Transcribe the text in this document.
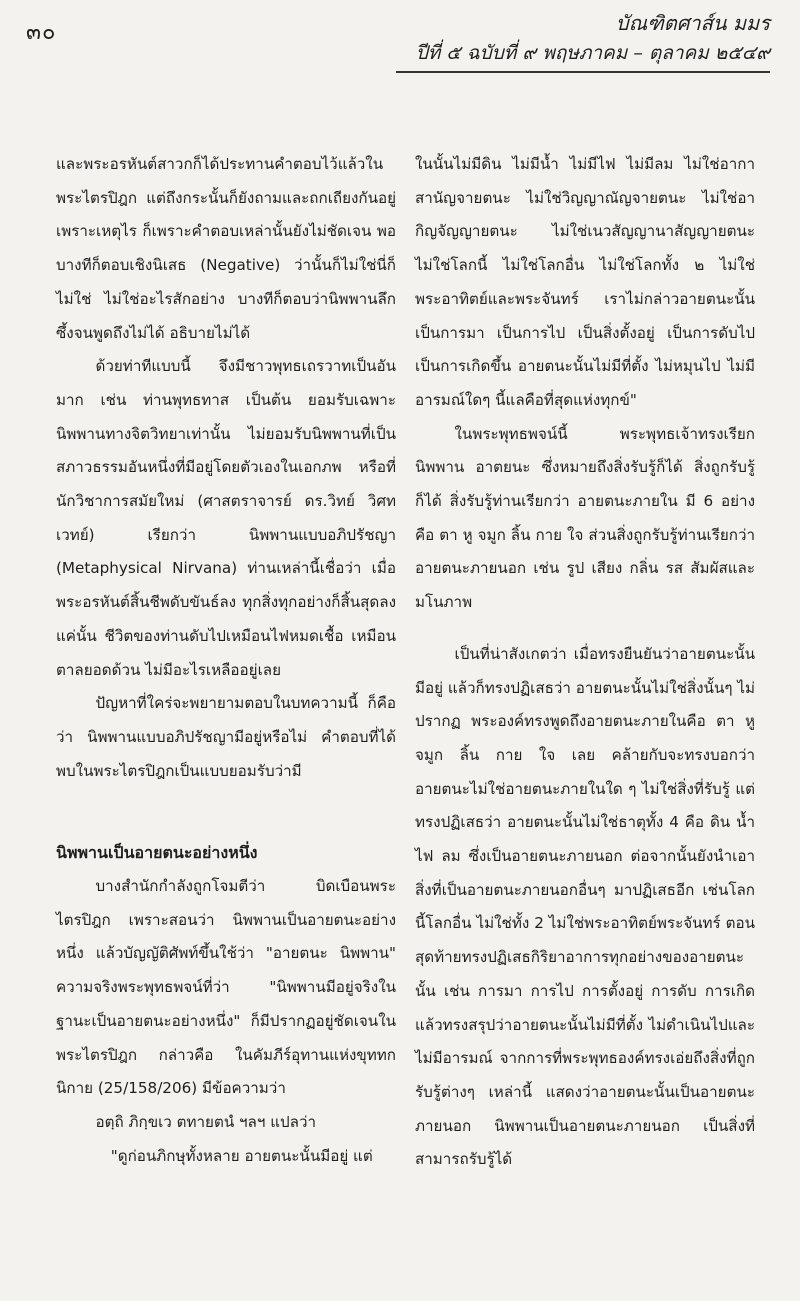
๓๐	บัณฑิตศาส์น มมร
ปีที่ ๕ ฉบับที่ ๙ พฤษภาคม – ตุลาคม ๒๕๔๙

และพระอรหันต์สาวกก็ได้ประทานคำตอบไว้แล้วในพระไตรปิฎก แต่ถึงกระนั้นก็ยังถามและถกเถียงกันอยู่ เพราะเหตุไร ก็เพราะคำตอบเหล่านั้นยังไม่ชัดเจน พอ บางทีก็ตอบเชิงนิเสธ (Negative) ว่านั้นก็ไม่ใช่นี่ก็ไม่ใช่ ไม่ใช่อะไรสักอย่าง บางทีก็ตอบว่านิพพานลึกซึ้งจนพูดถึงไม่ได้ อธิบายไม่ได้

ด้วยท่าทีแบบนี้ จึงมีชาวพุทธเถรวาทเป็นอันมาก เช่น ท่านพุทธทาส เป็นต้น ยอมรับเฉพาะนิพพานทางจิตวิทยาเท่านั้น ไม่ยอมรับนิพพานที่เป็นสภาวธรรมอันหนึ่งที่มีอยู่โดยตัวเองในเอกภพ หรือที่นักวิชาการสมัยใหม่ (ศาสตราจารย์ ดร.วิทย์ วิศทเวทย์) เรียกว่า นิพพานแบบอภิปรัชญา (Metaphysical Nirvana) ท่านเหล่านี้เชื่อว่า เมื่อพระอรหันต์สิ้นชีพดับขันธ์ลง ทุกสิ่งทุกอย่างก็สิ้นสุดลงแค่นั้น ชีวิตของท่านดับไปเหมือนไฟหมดเชื้อ เหมือนตาลยอดด้วน ไม่มีอะไรเหลืออยู่เลย

ปัญหาที่ใคร่จะพยายามตอบในบทความนี้ ก็คือว่า นิพพานแบบอภิปรัชญามีอยู่หรือไม่ คำตอบที่ได้พบในพระไตรปิฎกเป็นแบบยอมรับว่ามี

นิพพานเป็นอายตนะอย่างหนึ่ง

บางสำนักกำลังถูกโจมตีว่า บิดเบือนพระไตรปิฎก เพราะสอนว่า นิพพานเป็นอายตนะอย่างหนึ่ง แล้วบัญญัติศัพท์ขึ้นใช้ว่า "อายตนะ นิพพาน" ความจริงพระพุทธพจน์ที่ว่า "นิพพานมีอยู่จริงในฐานะเป็นอายตนะอย่างหนึ่ง" ก็มีปรากฏอยู่ชัดเจนในพระไตรปิฎก กล่าวคือ ในคัมภีร์อุทานแห่งขุททกนิกาย (25/158/206) มีข้อความว่า

อตฺถิ ภิกฺขเว ตทายตนํ ฯลฯ แปลว่า

"ดูก่อนภิกษุทั้งหลาย อายตนะนั้นมีอยู่ แต่

ในนั้นไม่มีดิน ไม่มีน้ำ ไม่มีไฟ ไม่มีลม ไม่ใช่อากาสานัญจายตนะ ไม่ใช่วิญญาณัญจายตนะ ไม่ใช่อากิญจัญญายตนะ ไม่ใช่เนวสัญญานาสัญญายตนะ ไม่ใช่โลกนี้ ไม่ใช่โลกอื่น ไม่ใช่โลกทั้ง ๒ ไม่ใช่พระอาทิตย์และพระจันทร์ เราไม่กล่าวอายตนะนั้นเป็นการมา เป็นการไป เป็นสิ่งตั้งอยู่ เป็นการดับไป เป็นการเกิดขึ้น อายตนะนั้นไม่มีที่ตั้ง ไม่หมุนไป ไม่มีอารมณ์ใดๆ นี้แลคือที่สุดแห่งทุกข์"

ในพระพุทธพจน์นี้ พระพุทธเจ้าทรงเรียกนิพพาน อาตยนะ ซึ่งหมายถึงสิ่งรับรู้ก็ได้ สิ่งถูกรับรู้ก็ได้ สิ่งรับรู้ท่านเรียกว่า อายตนะภายใน มี 6 อย่างคือ ตา หู จมูก ลิ้น กาย ใจ ส่วนสิ่งถูกรับรู้ท่านเรียกว่า อายตนะภายนอก เช่น รูป เสียง กลิ่น รส สัมผัสและมโนภาพ

เป็นที่น่าสังเกตว่า เมื่อทรงยืนยันว่าอายตนะนั้นมีอยู่ แล้วก็ทรงปฏิเสธว่า อายตนะนั้นไม่ใช่สิ่งนั้นๆ ไม่ปรากฏ พระองค์ทรงพูดถึงอายตนะภายในคือ ตา หู จมูก ลิ้น กาย ใจ เลย คล้ายกับจะทรงบอกว่า อายตนะไม่ใช่อายตนะภายในใด ๆ ไม่ใช่สิ่งที่รับรู้ แต่ทรงปฏิเสธว่า อายตนะนั้นไม่ใช่ธาตุทั้ง 4 คือ ดิน น้ำ ไฟ ลม ซึ่งเป็นอายตนะภายนอก ต่อจากนั้นยังนำเอาสิ่งที่เป็นอายตนะภายนอกอื่นๆ มาปฏิเสธอีก เช่นโลกนี้โลกอื่น ไม่ใช่ทั้ง 2 ไม่ใช่พระอาทิตย์พระจันทร์ ตอนสุดท้ายทรงปฏิเสธกิริยาอาการทุกอย่างของอายตนะนั้น เช่น การมา การไป การตั้งอยู่ การดับ การเกิด แล้วทรงสรุปว่าอายตนะนั้นไม่มีที่ตั้ง ไม่ดำเนินไปและไม่มีอารมณ์ จากการที่พระพุทธองค์ทรงเอ่ยถึงสิ่งที่ถูกรับรู้ต่างๆ เหล่านี้ แสดงว่าอายตนะนั้นเป็นอายตนะภายนอก นิพพานเป็นอายตนะภายนอก เป็นสิ่งที่สามารถรับรู้ได้
